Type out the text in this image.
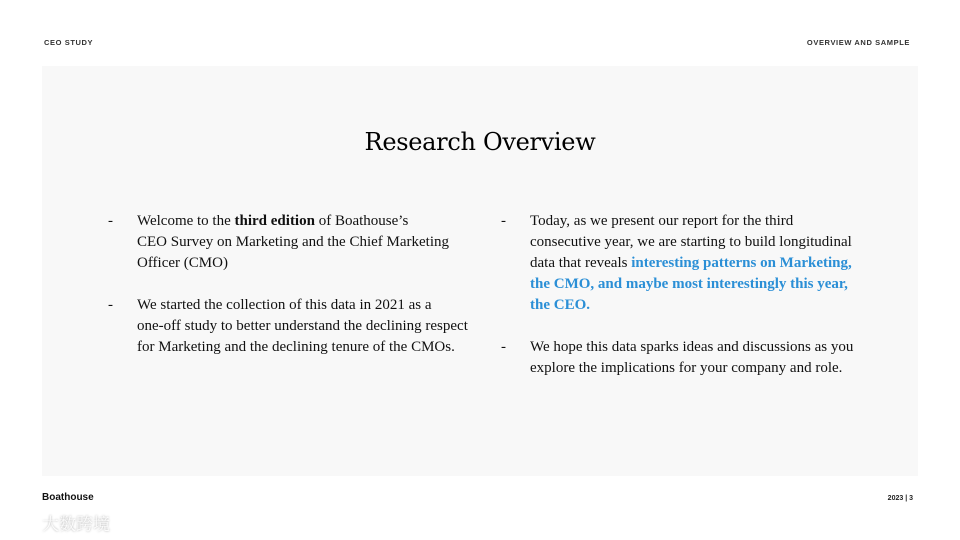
CEO STUDY	OVERVIEW AND SAMPLE
Research Overview
- Welcome to the third edition of Boathouse’s
CEO Survey on Marketing and the Chief Marketing
Officer (CMO)
- We started the collection of this data in 2021 as a
one-off study to better understand the declining respect
for Marketing and the declining tenure of the CMOs.
- Today, as we present our report for the third
consecutive year, we are starting to build longitudinal
data that reveals interesting patterns on Marketing,
the CMO, and maybe most interestingly this year,
the CEO.
- We hope this data sparks ideas and discussions as you
explore the implications for your company and role.
Boathouse	2023 | 3
大数跨境
